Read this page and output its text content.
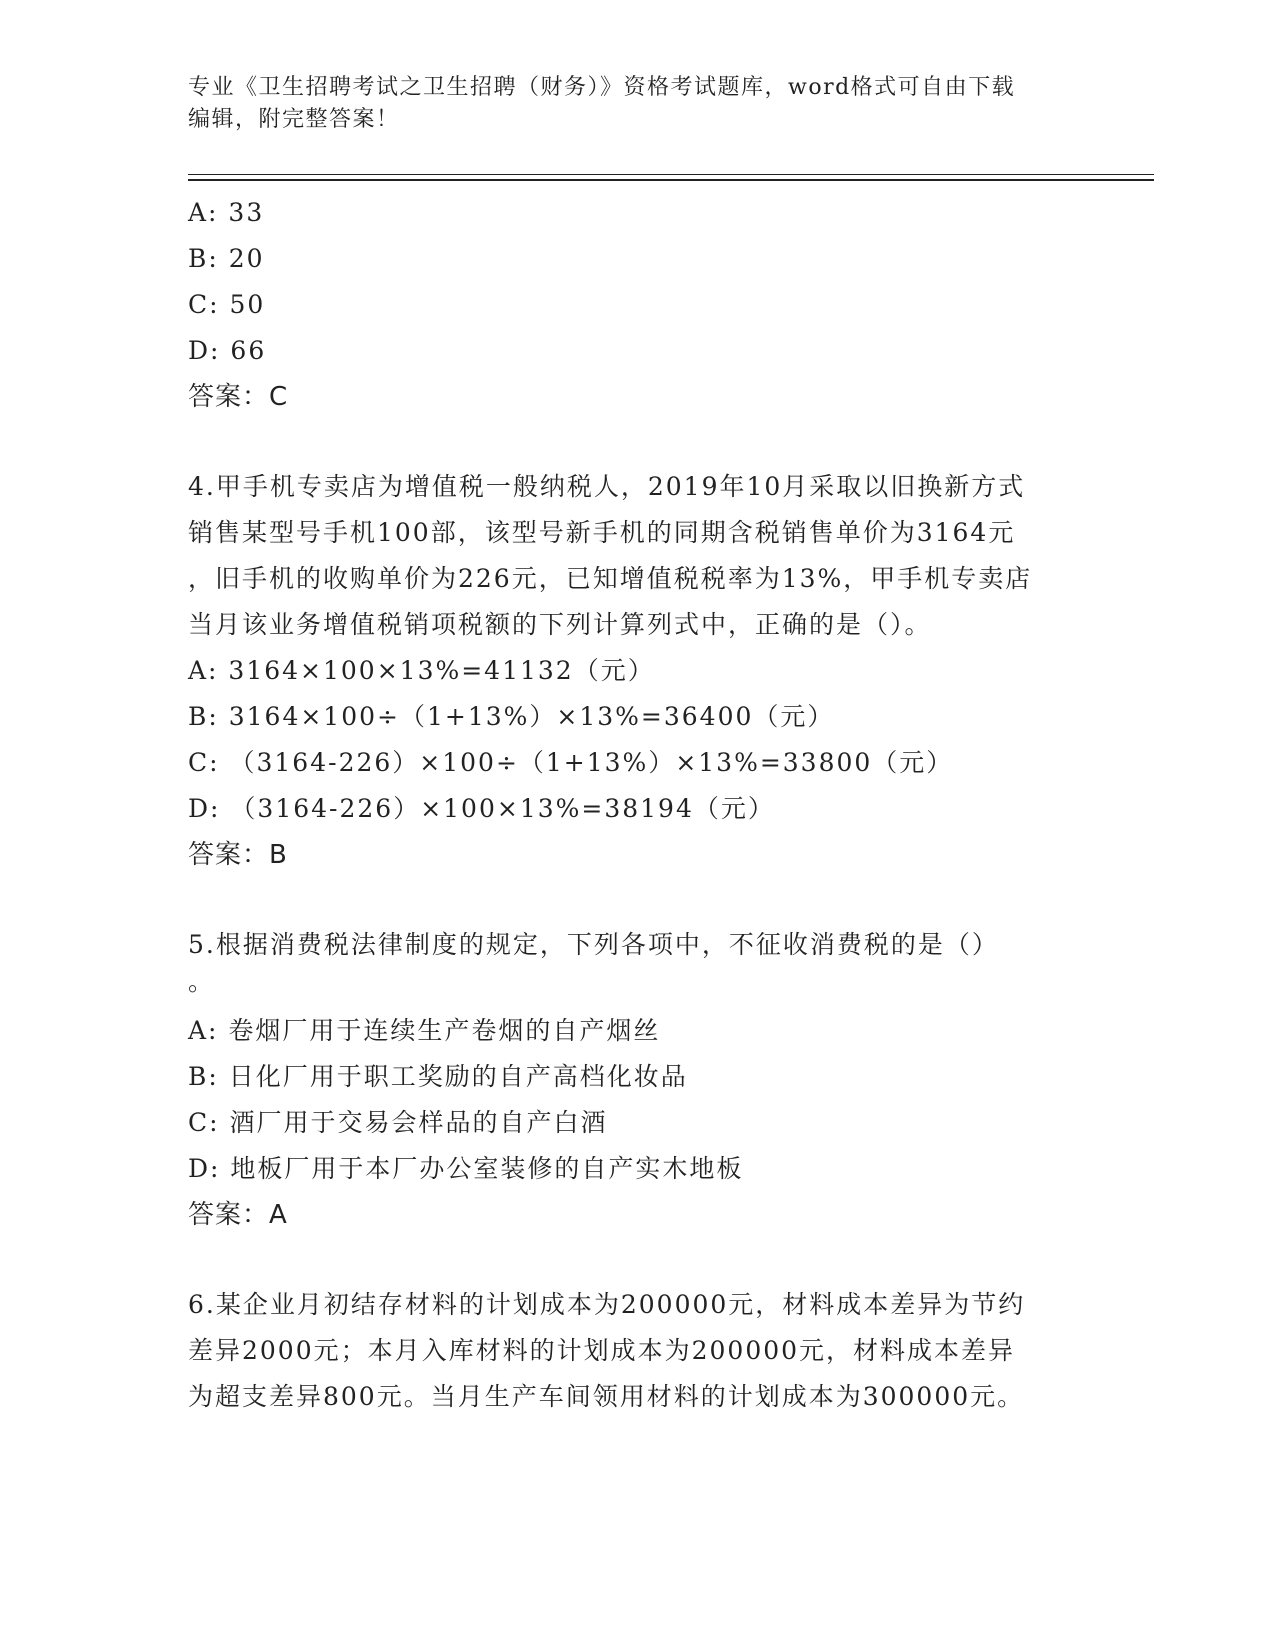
专业《卫生招聘考试之卫生招聘（财务）》资格考试题库，word格式可自由下载
编辑，附完整答案！
A: 33
B: 20
C: 50
D: 66
答案：C
4.甲手机专卖店为增值税一般纳税人，2019年10月采取以旧换新方式
销售某型号手机100部，该型号新手机的同期含税销售单价为3164元
，旧手机的收购单价为226元，已知增值税税率为13%，甲手机专卖店
当月该业务增值税销项税额的下列计算列式中，正确的是（）。
A: 3164×100×13%=41132（元）
B: 3164×100÷（1+13%）×13%=36400（元）
C: （3164-226）×100÷（1+13%）×13%=33800（元）
D: （3164-226）×100×13%=38194（元）
答案：B
5.根据消费税法律制度的规定，下列各项中，不征收消费税的是（）
。
A: 卷烟厂用于连续生产卷烟的自产烟丝
B: 日化厂用于职工奖励的自产高档化妆品
C: 酒厂用于交易会样品的自产白酒
D: 地板厂用于本厂办公室装修的自产实木地板
答案：A
6.某企业月初结存材料的计划成本为200000元，材料成本差异为节约
差异2000元；本月入库材料的计划成本为200000元，材料成本差异
为超支差异800元。当月生产车间领用材料的计划成本为300000元。
